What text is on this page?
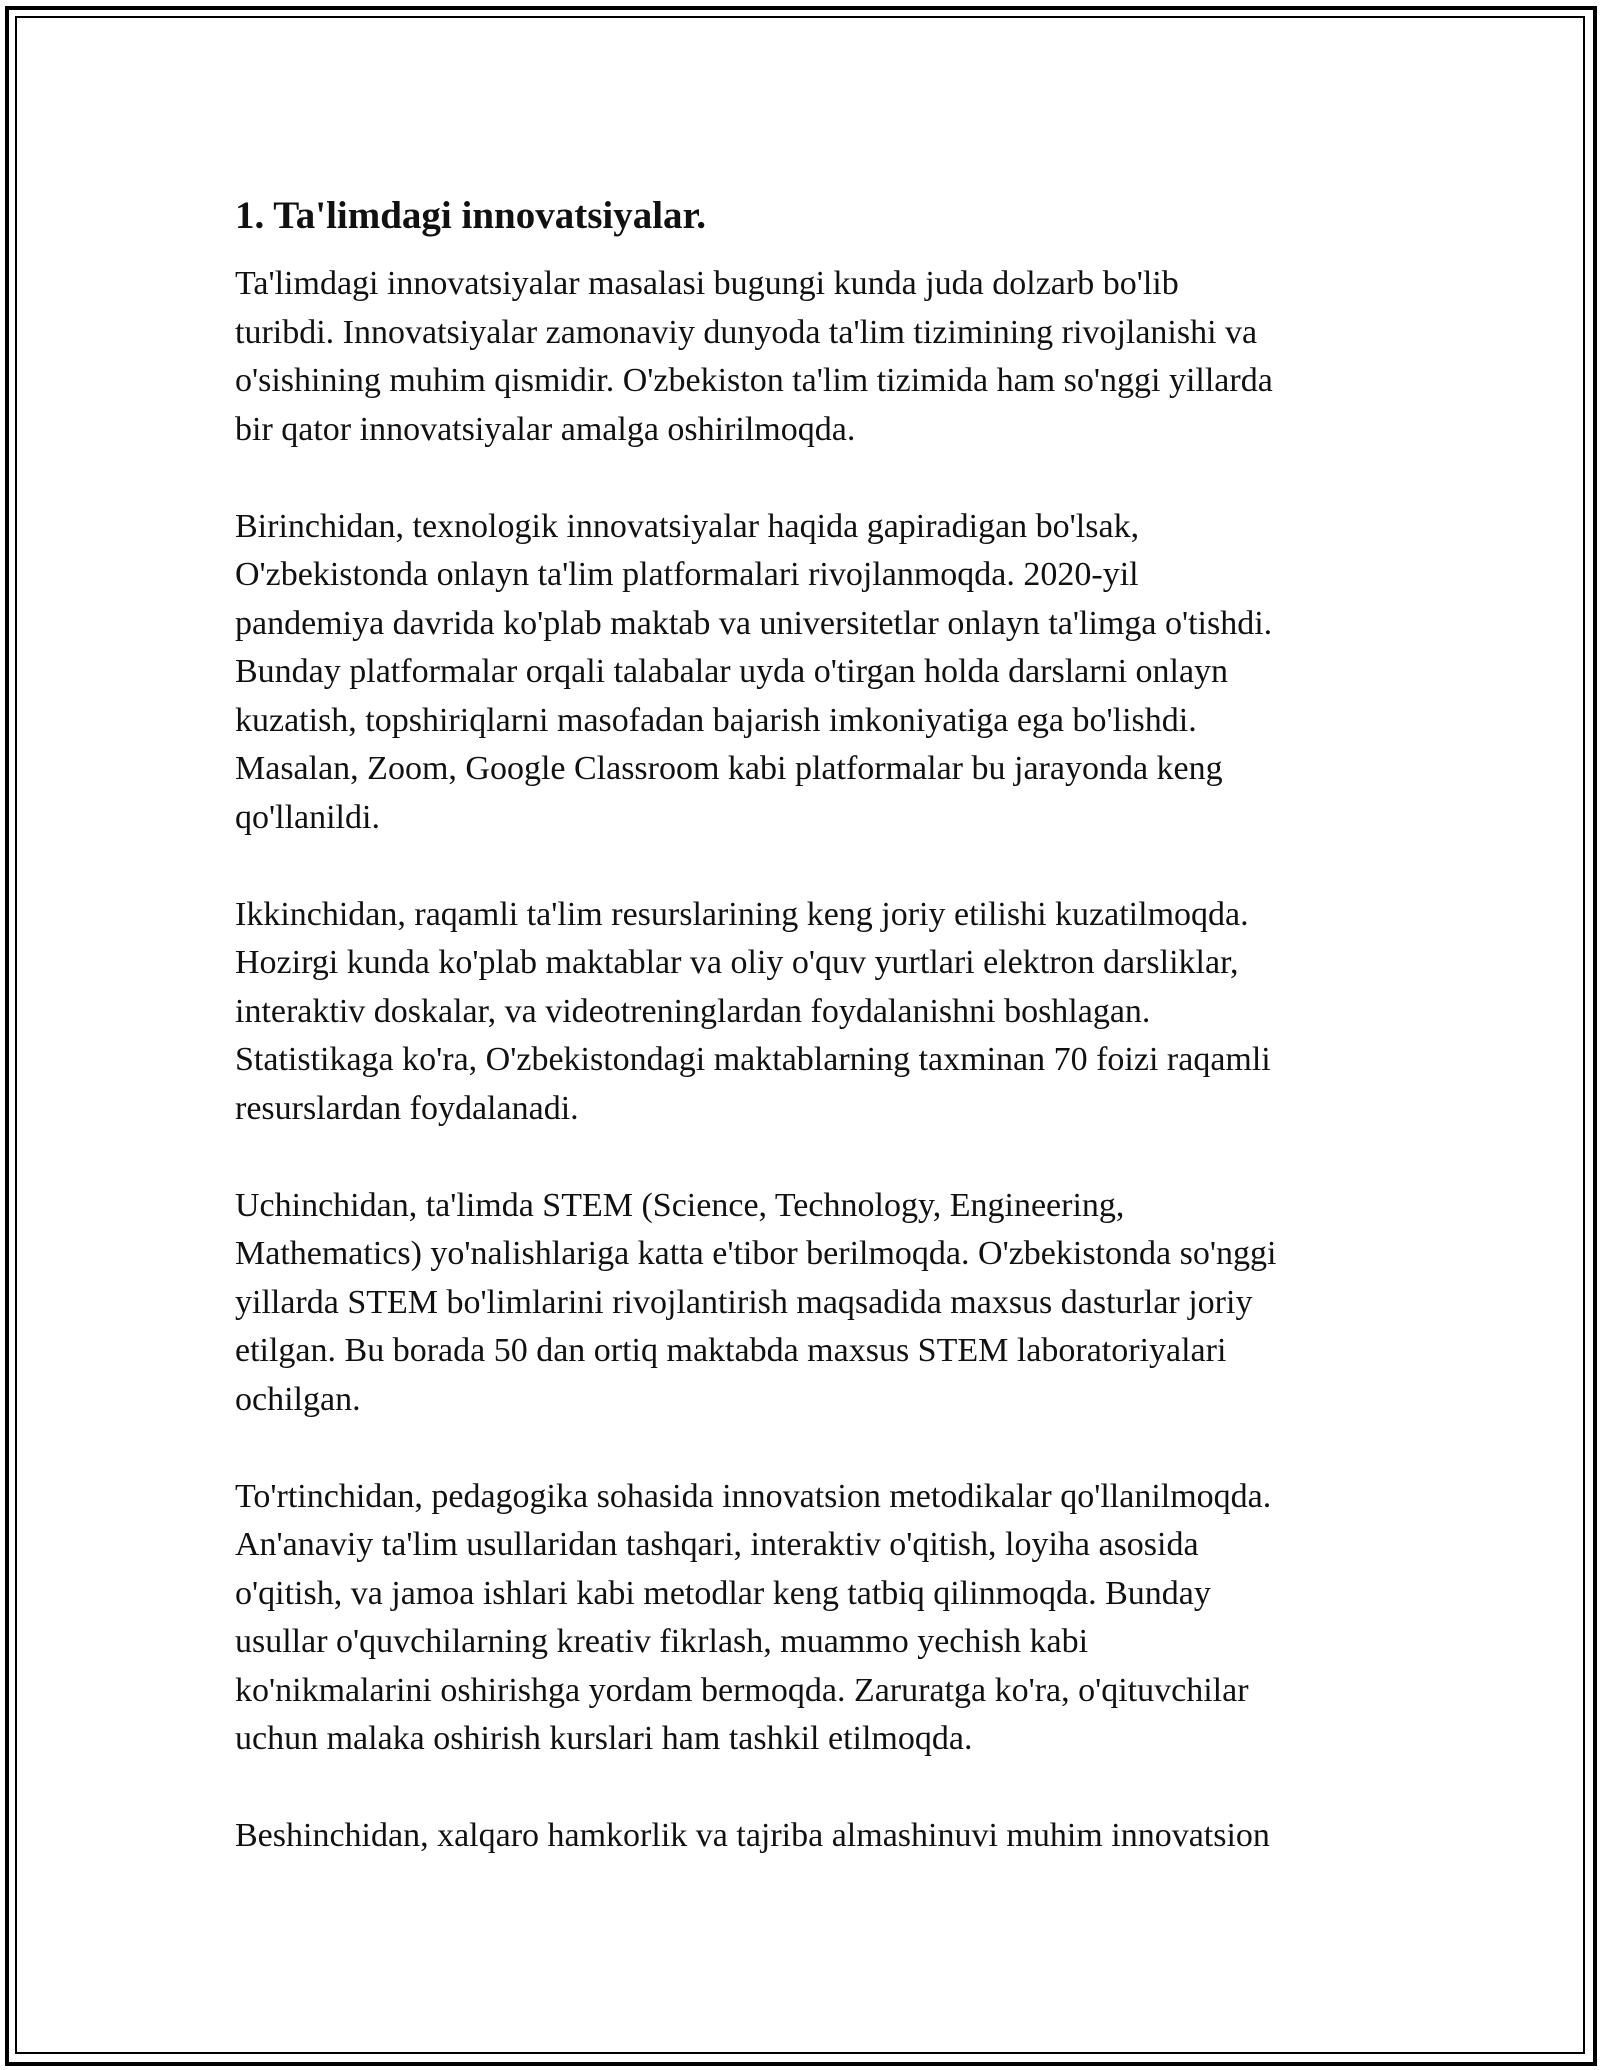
1. Ta'limdagi innovatsiyalar.
Ta'limdagi innovatsiyalar masalasi bugungi kunda juda dolzarb bo'lib
turibdi. Innovatsiyalar zamonaviy dunyoda ta'lim tizimining rivojlanishi va
o'sishining muhim qismidir. O'zbekiston ta'lim tizimida ham so'nggi yillarda
bir qator innovatsiyalar amalga oshirilmoqda.
Birinchidan, texnologik innovatsiyalar haqida gapiradigan bo'lsak,
O'zbekistonda onlayn ta'lim platformalari rivojlanmoqda. 2020-yil
pandemiya davrida ko'plab maktab va universitetlar onlayn ta'limga o'tishdi.
Bunday platformalar orqali talabalar uyda o'tirgan holda darslarni onlayn
kuzatish, topshiriqlarni masofadan bajarish imkoniyatiga ega bo'lishdi.
Masalan, Zoom, Google Classroom kabi platformalar bu jarayonda keng
qo'llanildi.
Ikkinchidan, raqamli ta'lim resurslarining keng joriy etilishi kuzatilmoqda.
Hozirgi kunda ko'plab maktablar va oliy o'quv yurtlari elektron darsliklar,
interaktiv doskalar, va videotreninglardan foydalanishni boshlagan.
Statistikaga ko'ra, O'zbekistondagi maktablarning taxminan 70 foizi raqamli
resurslardan foydalanadi.
Uchinchidan, ta'limda STEM (Science, Technology, Engineering,
Mathematics) yo'nalishlariga katta e'tibor berilmoqda. O'zbekistonda so'nggi
yillarda STEM bo'limlarini rivojlantirish maqsadida maxsus dasturlar joriy
etilgan. Bu borada 50 dan ortiq maktabda maxsus STEM laboratoriyalari
ochilgan.
To'rtinchidan, pedagogika sohasida innovatsion metodikalar qo'llanilmoqda.
An'anaviy ta'lim usullaridan tashqari, interaktiv o'qitish, loyiha asosida
o'qitish, va jamoa ishlari kabi metodlar keng tatbiq qilinmoqda. Bunday
usullar o'quvchilarning kreativ fikrlash, muammo yechish kabi
ko'nikmalarini oshirishga yordam bermoqda. Zaruratga ko'ra, o'qituvchilar
uchun malaka oshirish kurslari ham tashkil etilmoqda.
Beshinchidan, xalqaro hamkorlik va tajriba almashinuvi muhim innovatsion
